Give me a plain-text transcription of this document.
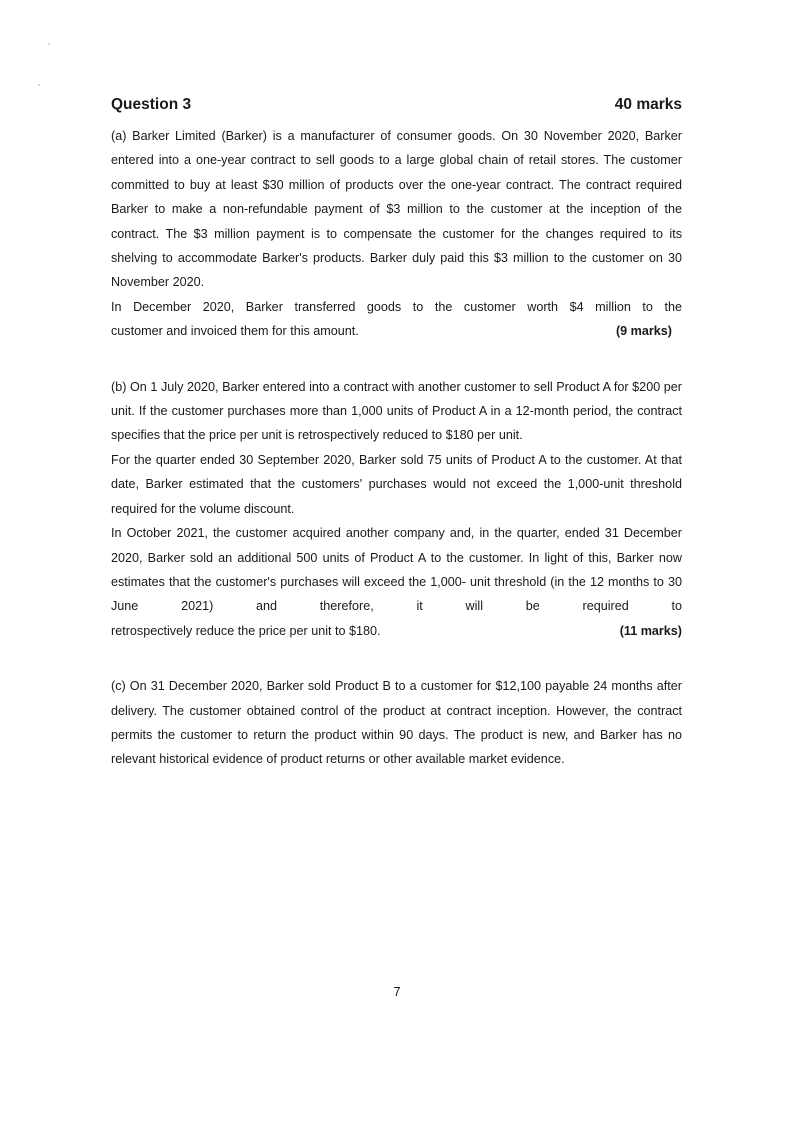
Question 3	40 marks

(a) Barker Limited (Barker) is a manufacturer of consumer goods. On 30 November 2020, Barker entered into a one-year contract to sell goods to a large global chain of retail stores. The customer committed to buy at least $30 million of products over the one-year contract. The contract required Barker to make a non-refundable payment of $3 million to the customer at the inception of the contract. The $3 million payment is to compensate the customer for the changes required to its shelving to accommodate Barker's products. Barker duly paid this $3 million to the customer on 30 November 2020.

In December 2020, Barker transferred goods to the customer worth $4 million to the

customer and invoiced them for this amount.	(9 marks)

(b) On 1 July 2020, Barker entered into a contract with another customer to sell Product A for $200 per unit. If the customer purchases more than 1,000 units of Product A in a 12-month period, the contract specifies that the price per unit is retrospectively reduced to $180 per unit.

For the quarter ended 30 September 2020, Barker sold 75 units of Product A to the customer. At that date, Barker estimated that the customers' purchases would not exceed the 1,000-unit threshold required for the volume discount.

In October 2021, the customer acquired another company and, in the quarter, ended 31 December 2020, Barker sold an additional 500 units of Product A to the customer. In light of this, Barker now estimates that the customer's purchases will exceed the 1,000- unit threshold (in the 12 months to 30 June 2021) and therefore, it will be required to

retrospectively reduce the price per unit to $180.	(11 marks)

(c) On 31 December 2020, Barker sold Product B to a customer for $12,100 payable 24 months after delivery. The customer obtained control of the product at contract inception. However, the contract permits the customer to return the product within 90 days. The product is new, and Barker has no relevant historical evidence of product returns or other available market evidence.

7
